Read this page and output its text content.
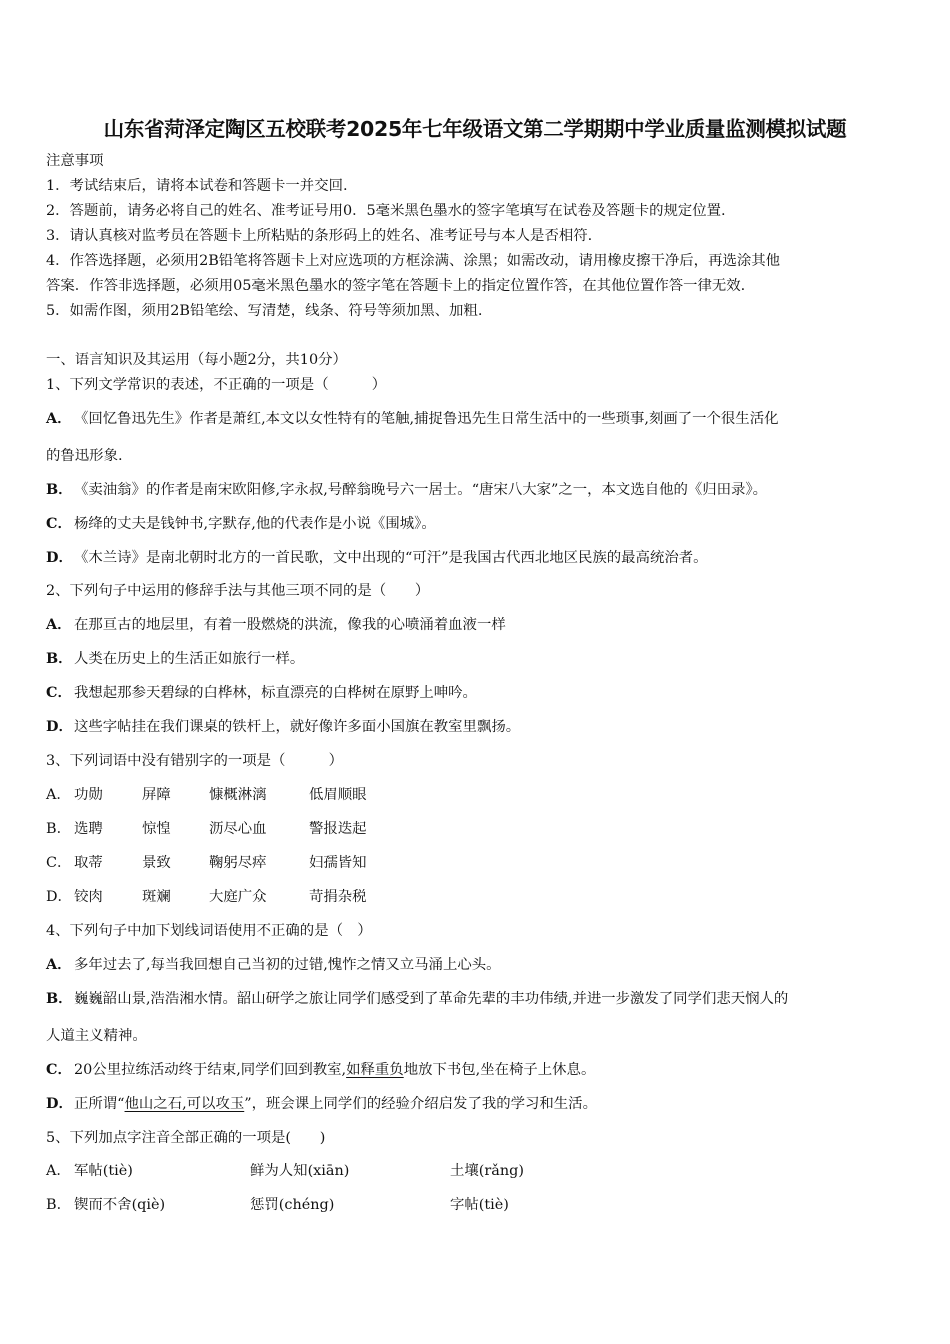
山东省菏泽定陶区五校联考2025年七年级语文第二学期期中学业质量监测模拟试题
注意事项
1．考试结束后，请将本试卷和答题卡一并交回.
2．答题前，请务必将自己的姓名、准考证号用0．5毫米黑色墨水的签字笔填写在试卷及答题卡的规定位置.
3．请认真核对监考员在答题卡上所粘贴的条形码上的姓名、准考证号与本人是否相符.
4．作答选择题，必须用2B铅笔将答题卡上对应选项的方框涂满、涂黑；如需改动，请用橡皮擦干净后，再选涂其他
答案．作答非选择题，必须用05毫米黑色墨水的签字笔在答题卡上的指定位置作答，在其他位置作答一律无效.
5．如需作图，须用2B铅笔绘、写清楚，线条、符号等须加黑、加粗.
一、语言知识及其运用（每小题2分，共10分）
1、下列文学常识的表述，不正确的一项是（　　　）
A． 《回忆鲁迅先生》作者是萧红,本文以女性特有的笔触,捕捉鲁迅先生日常生活中的一些琐事,刻画了一个很生活化
的鲁迅形象.
B．《卖油翁》的作者是南宋欧阳修,字永叔,号醉翁晚号六一居士。“唐宋八大家”之一，本文选自他的《归田录》。
C． 杨绛的丈夫是钱钟书,字默存,他的代表作是小说《围城》。
D．《木兰诗》是南北朝时北方的一首民歌，文中出现的“可汗”是我国古代西北地区民族的最高统治者。
2、下列句子中运用的修辞手法与其他三项不同的是（　　）
A． 在那亘古的地层里，有着一股燃烧的洪流，像我的心喷涌着血液一样
B．人类在历史上的生活正如旅行一样。
C． 我想起那参天碧绿的白桦林，标直漂亮的白桦树在原野上呻吟。
D．这些字帖挂在我们课桌的铁杆上，就好像许多面小国旗在教室里飘扬。
3、下列词语中没有错别字的一项是（　　　）
A． 功勋	屏障	慷概淋漓	低眉顺眼
B． 选聘	惊惶	沥尽心血	警报迭起
C． 取蒂	景致	鞠躬尽瘁	妇孺皆知
D． 铰肉	斑斓	大庭广众	苛捐杂税
4、下列句子中加下划线词语使用不正确的是（　）
A． 多年过去了,每当我回想自己当初的过错,愧怍之情又立马涌上心头。
B．巍巍韶山景,浩浩湘水情。韶山研学之旅让同学们感受到了革命先辈的丰功伟绩,并进一步激发了同学们悲天悯人的
人道主义精神。
C． 20公里拉练活动终于结束,同学们回到教室,如释重负地放下书包,坐在椅子上休息。
D．正所谓“他山之石,可以攻玉”，班会课上同学们的经验介绍启发了我的学习和生活。
5、下列加点字注音全部正确的一项是(　　)
A． 军帖(tiè)	鲜为人知(xiān)	土壤(rǎng)
B． 锲而不舍(qiè)	惩罚(chéng)	字帖(tiè)
